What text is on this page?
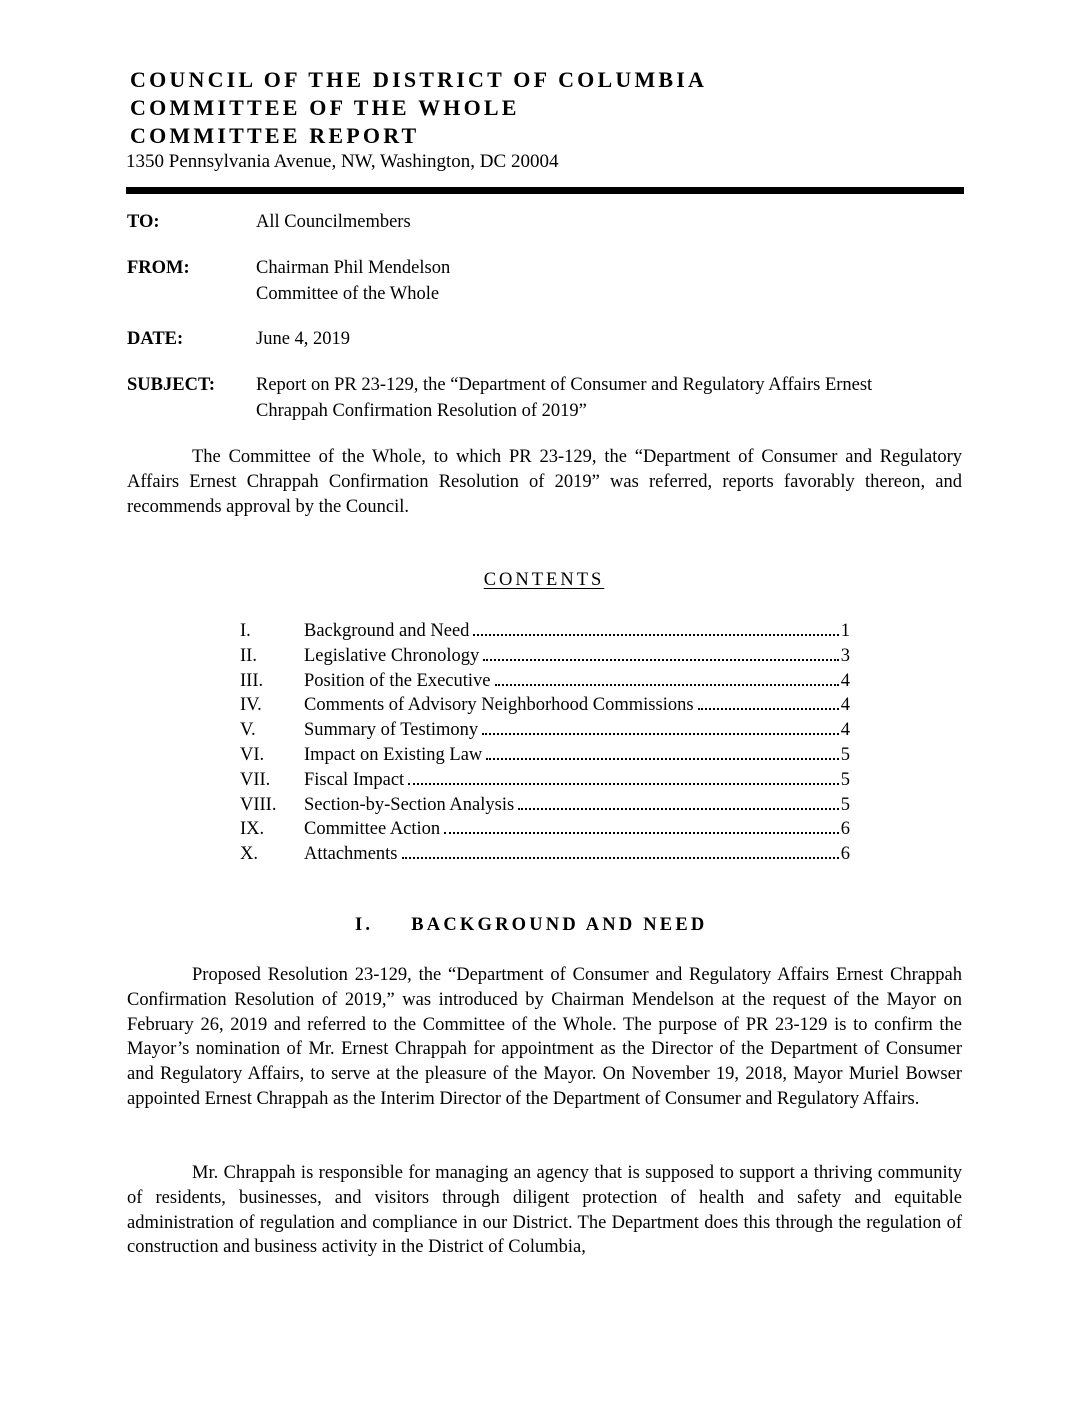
COUNCIL OF THE DISTRICT OF COLUMBIA
COMMITTEE OF THE WHOLE
COMMITTEE REPORT
1350 Pennsylvania Avenue, NW, Washington, DC 20004
TO:	All Councilmembers
FROM:	Chairman Phil Mendelson
Committee of the Whole
DATE:	June 4, 2019
SUBJECT: Report on PR 23-129, the “Department of Consumer and Regulatory Affairs Ernest
Chrappah Confirmation Resolution of 2019”
The Committee of the Whole, to which PR 23-129, the “Department of Consumer and Regulatory Affairs Ernest Chrappah Confirmation Resolution of 2019” was referred, reports favorably thereon, and recommends approval by the Council.
CONTENTS
I.	Background and Need	1
II.	Legislative Chronology	3
III. Position of the Executive	4
IV. Comments of Advisory Neighborhood Commissions	4
V.	Summary of Testimony	4
VI. Impact on Existing Law	5
VII. Fiscal Impact	5
VIII. Section-by-Section Analysis	5
IX. Committee Action	6
X. Attachments	6
I. BACKGROUND AND NEED
Proposed Resolution 23-129, the “Department of Consumer and Regulatory Affairs Ernest Chrappah Confirmation Resolution of 2019,” was introduced by Chairman Mendelson at the request of the Mayor on February 26, 2019 and referred to the Committee of the Whole. The purpose of PR 23-129 is to confirm the Mayor’s nomination of Mr. Ernest Chrappah for appointment as the Director of the Department of Consumer and Regulatory Affairs, to serve at the pleasure of the Mayor. On November 19, 2018, Mayor Muriel Bowser appointed Ernest Chrappah as the Interim Director of the Department of Consumer and Regulatory Affairs.
Mr. Chrappah is responsible for managing an agency that is supposed to support a thriving community of residents, businesses, and visitors through diligent protection of health and safety and equitable administration of regulation and compliance in our District. The Department does this through the regulation of construction and business activity in the District of Columbia,
